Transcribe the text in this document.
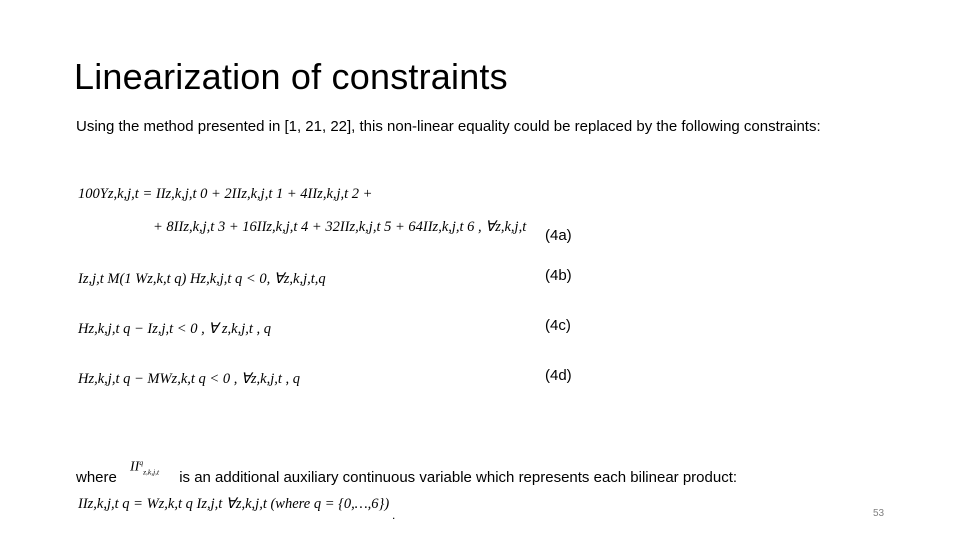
Linearization of constraints
Using the method presented in [1, 21, 22], this non-linear equality could be replaced by the following constraints:
100Yz,k,j,t = IIz,k,j,t 0 + 2IIz,k,j,t 1 + 4IIz,k,j,t 2 +
+ 8IIz,k,j,t 3 + 16IIz,k,j,t 4 + 32IIz,k,j,t 5 + 64IIz,k,j,t 6 , ∀z,k,j,t (4a)
Iz,j,t M(1 Wz,k,t q) Hz,k,j,t q < 0, ∀z,k,j,t,q	(4b)
Hz,k,j,t q − Iz,j,t < 0 , ∀ z,k,j,t , q	(4c)
Hz,k,j,t q − MWz,k,t q < 0 , ∀z,k,j,t , q	(4d)
where
$II^q_{z,k,j,t}$ is an additional auxiliary continuous variable which represents each bilinear product:
IIz,k,j,t q = Wz,k,t q Iz,j,t ∀z,k,j,t (where q = {0,…,6})
.	53
